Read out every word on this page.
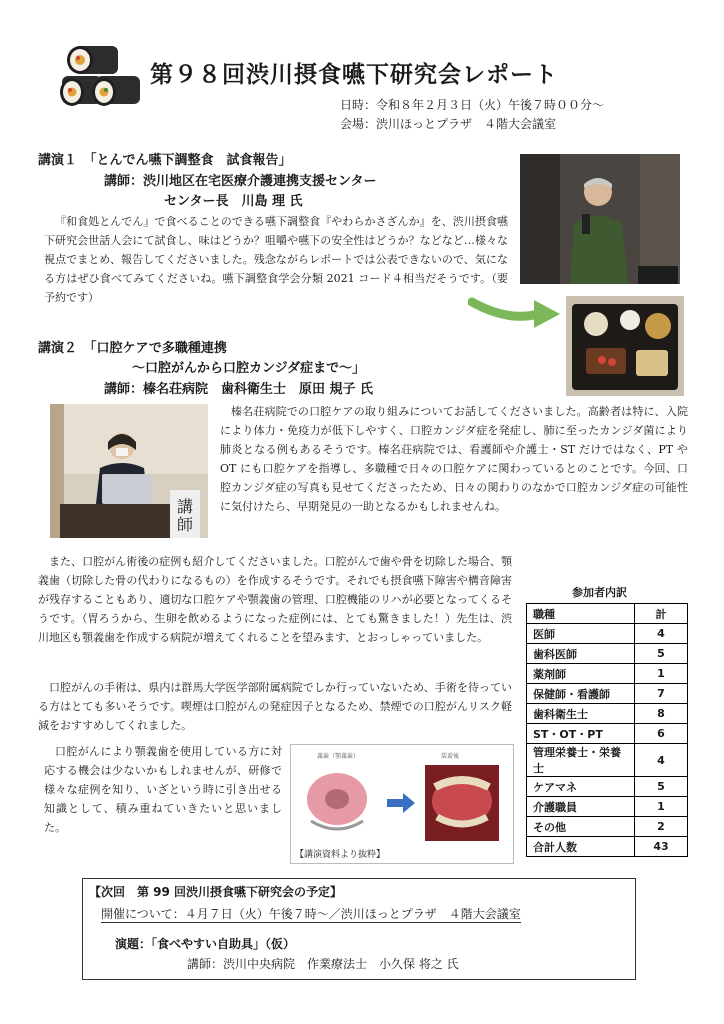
第９８回渋川摂食嚥下研究会レポート
日時：令和８年２月３日（火）午後７時００分〜
会場：渋川ほっとプラザ　４階大会議室
講演１　「とんでん嚥下調整食　試食報告」
講師：渋川地区在宅医療介護連携支援センター
センター長　川島 理 氏

『和食処とんでん』で食べることのできる嚥下調整食『やわらかさざんか』を、渋川摂食嚥下研究会世話人会にて試食し、味はどうか？咀嚼や嚥下の安全性はどうか？などなど…様々な視点でまとめ、報告してくださいました。残念ながらレポートでは公表できないので、気になる方はぜひ食べてみてくださいね。嚥下調整食学会分類 2021 コード４相当だそうです。（要予約です）

講演２　「口腔ケアで多職種連携
〜口腔がんから口腔カンジダ症まで〜」
講師：榛名荘病院　歯科衛生士　原田 規子 氏
講師

榛名荘病院での口腔ケアの取り組みについてお話してくださいました。高齢者は特に、入院により体力・免疫力が低下しやすく、口腔カンジダ症を発症し、肺に至ったカンジダ菌により肺炎となる例もあるそうです。榛名荘病院では、看護師や介護士・ST だけではなく、PT や OT にも口腔ケアを指導し、多職種で日々の口腔ケアに関わっているとのことです。今回、口腔カンジダ症の写真も見せてくださったため、日々の関わりのなかで口腔カンジダ症の可能性に気付けたら、早期発見の一助となるかもしれませんね。

また、口腔がん術後の症例も紹介してくださいました。口腔がんで歯や骨を切除した場合、顎義歯（切除した骨の代わりになるもの）を作成するそうです。それでも摂食嚥下障害や構音障害が残存することもあり、適切な口腔ケアや顎義歯の管理、口腔機能のリハが必要となってくるそうです。（胃ろうから、生卵を飲めるようになった症例には、とても驚きました！）先生は、渋川地区も顎義歯を作成する病院が増えてくれることを望みます、とおっしゃっていました。

口腔がんの手術は、県内は群馬大学医学部附属病院でしか行っていないため、手術を待っている方はとても多いそうです。喫煙は口腔がんの発症因子となるため、禁煙での口腔がんリスク軽減をおすすめしてくれました。

口腔がんにより顎義歯を使用している方に対応する機会は少ないかもしれませんが、研修で様々な症例を知り、いざという時に引き出せる知識として、積み重ねていきたいと思いました。

義歯（顎義歯）	装着後
【講演資料より抜粋】
参加者内訳
職種	計
医師	4
歯科医師	5
薬剤師	1
保健師・看護師	7
歯科衛生士	8
ST・OT・PT	6
管理栄養士・栄養士	4
ケアマネ	5
介護職員	1
その他	2
合計人数	43
【次回　第 99 回渋川摂食嚥下研究会の予定】
開催について：４月７日（火）午後７時〜／渋川ほっとプラザ　４階大会議室
演題：「食べやすい自助具」（仮）
講師：渋川中央病院　作業療法士　小久保 将之 氏
